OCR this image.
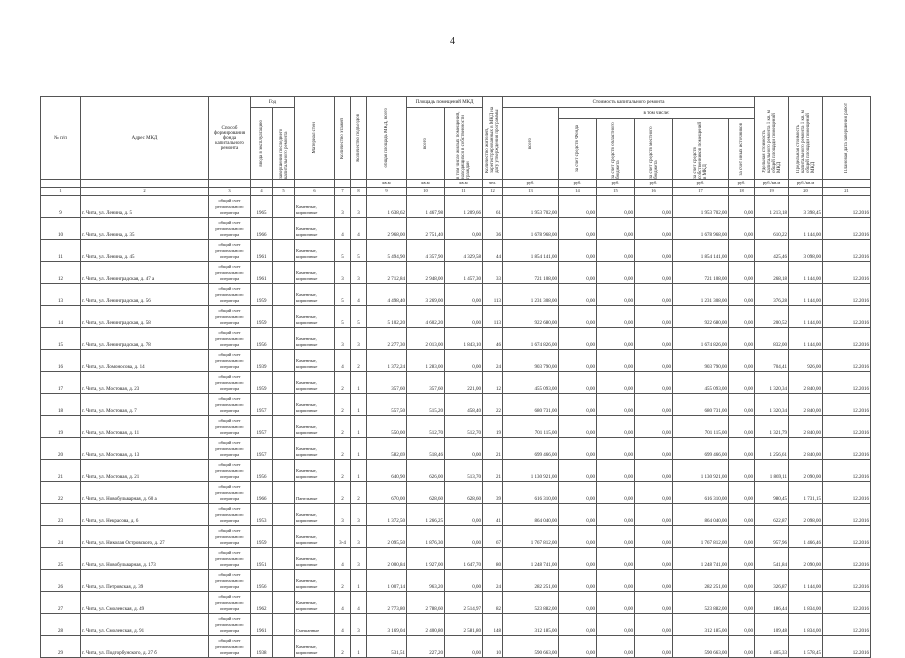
4
№ п/п	Адрес МКД	Способ формирования фонда капитального ремонта	Год		Материал стен	Количество этажей	Количество подъездов	общая площадь МКД, всего	Площадь помещений МКД		Количество жителей, зарегистрированных в МКД на дату утверждения программы	Стоимость капитального ремонта						Удельная стоимость капитального ремонта 1 кв. м общей площади помещений МКД	Предельная стоимость капитального ремонта 1 кв. м общей площади помещений МКД	Плановая дата завершения работ

			ввода в эксплуатацию	завершения последнего капитального ремонта					всего	в том числе жилых помещений, находящихся в собственности граждан		всего	в том числе:							

													за счет средств Фонда	за счет средств областного бюджета	за счет средств местного бюджета	за счет средств собственников помещений в МКД	за счет иных источников			

								кв.м	кв.м	кв.м	чел.	руб.	руб.	руб.	руб.	руб.	руб.	руб./кв.м	руб./кв.м	
1	2	3	4	5	6	7	8	9	10	11	12	13	14	15	16	17	18	19	20	21
9	г. Чита, ул. Ленина, д. 5	общий счет регионального оператора	1965		Каменные, кирпичные	3	3	1 638,62	1 467,98	1 209,66	61	1 953 702,00	0,00	0,00	0,00	1 953 702,00	0,00	1 213,18	3 398,45	12.2016
10	г. Чита, ул. Ленина, д. 35	общий счет регионального оператора	1966		Каменные, кирпичные	4	4	2 968,00	2 751,40	0,00	36	1 678 968,00	0,00	0,00	0,00	1 678 968,00	0,00	610,22	1 144,00	12.2016
11	г. Чита, ул. Ленина, д. 45	общий счет регионального оператора	1961		Каменные, кирпичные	5	5	5 494,90	4 357,90	4 329,58	44	1 854 141,00	0,00	0,00	0,00	1 854 141,00	0,00	425,46	3 098,00	12.2016
12	г. Чита, ул. Ленинградская, д. 47 а	общий счет регионального оператора	1961		Каменные, кирпичные	3	3	2 712,84	2 948,00	1 457,30	33	721 108,00	0,00	0,00	0,00	721 108,00	0,00	268,18	1 144,00	12.2016
13	г. Чита, ул. Ленинградская, д. 56	общий счет регионального оператора	1959		Каменные, кирпичные	5	4	4 498,40	3 269,00	0,00	113	1 231 308,00	0,00	0,00	0,00	1 231 308,00	0,00	376,28	1 144,00	12.2016
14	г. Чита, ул. Ленинградская, д. 58	общий счет регионального оператора	1959		Каменные, кирпичные	5	5	5 102,20	4 602,20	0,00	113	922 680,00	0,00	0,00	0,00	922 680,00	0,00	200,52	1 144,00	12.2016
15	г. Чита, ул. Ленинградская, д. 78	общий счет регионального оператора	1956		Каменные, кирпичные	3	3	2 277,30	2 013,00	1 843,10	46	1 674 826,00	0,00	0,00	0,00	1 674 826,00	0,00	832,00	1 144,00	12.2016
16	г. Чита, ул. Ломоносова, д. 14	общий счет регионального оператора	1939		Каменные, кирпичные	4	2	1 372,24	1 283,00	0,00	24	903 790,00	0,00	0,00	0,00	903 790,00	0,00	704,41	926,00	12.2016
17	г. Чита, ул. Мостовая, д. 23	общий счет регионального оператора	1959		Каменные, кирпичные	2	1	357,60	357,60	221,00	12	455 093,00	0,00	0,00	0,00	455 093,00	0,00	1 320,34	2 840,00	12.2016
18	г. Чита, ул. Мостовая, д. 7	общий счет регионального оператора	1957		Каменные, кирпичные	2	1	557,50	515,20	458,40	22	680 731,00	0,00	0,00	0,00	680 731,00	0,00	1 320,34	2 840,00	12.2016
19	г. Чита, ул. Мостовая, д. 11	общий счет регионального оператора	1957		Каменные, кирпичные	2	1	550,00	512,70	512,70	19	701 115,00	0,00	0,00	0,00	701 115,00	0,00	1 321,79	2 840,00	12.2016
20	г. Чита, ул. Мостовая, д. 13	общий счет регионального оператора	1957		Каменные, кирпичные	2	1	582,69	518,46	0,00	21	699 466,00	0,00	0,00	0,00	699 466,00	0,00	1 256,61	2 840,00	12.2016
21	г. Чита, ул. Мостовая, д. 21	общий счет регионального оператора	1956		Каменные, кирпичные	2	1	640,90	626,00	513,70	21	1 130 921,00	0,00	0,00	0,00	1 130 921,00	0,00	1 869,11	2 090,00	12.2016
22	г. Чита, ул. Новобульварная, д. 60 а	общий счет регионального оператора	1966		Панельные	2	2	670,00	628,60	628,60	39	616 310,00	0,00	0,00	0,00	616 310,00	0,00	980,45	1 731,15	12.2016
23	г. Чита, ул. Некрасова, д. 6	общий счет регионального оператора	1953		Каменные, кирпичные	3	3	1 372,50	1 266,25	0,00	41	864 040,00	0,00	0,00	0,00	864 040,00	0,00	622,87	2 098,00	12.2016
24	г. Чита, ул. Николая Островского, д. 27	общий счет регионального оператора	1959		Каменные, кирпичные	3-4	3	2 095,50	1 876,30	0,00	67	1 767 812,00	0,00	0,00	0,00	1 767 812,00	0,00	957,96	1 466,46	12.2016
25	г. Чита, ул. Новобульварная, д. 173	общий счет регионального оператора	1951		Каменные, кирпичные	4	3	2 000,84	1 927,00	1 647,70	80	1 248 741,00	0,00	0,00	0,00	1 248 741,00	0,00	541,84	2 090,00	12.2016
26	г. Чита, ул. Петровская, д. 39	общий счет регионального оператора	1956		Каменные, кирпичные	2	1	1 007,14	963,20	0,00	24	282 251,00	0,00	0,00	0,00	282 251,00	0,00	326,87	1 144,00	12.2016
27	г. Чита, ул. Смоленская, д. 49	общий счет регионального оператора	1962		Каменные, кирпичные	4	4	2 773,80	2 788,60	2 514,97	82	523 882,00	0,00	0,00	0,00	523 882,00	0,00	186,44	1 834,00	12.2016
28	г. Чита, ул. Смоленская, д. 91	общий счет регионального оператора	1961		Смешанные	4	3	3 169,04	2 400,80	2 581,80	148	312 185,00	0,00	0,00	0,00	312 185,00	0,00	109,48	1 834,00	12.2016
29	г. Чита, ул. Подгорбунского, д. 27 б	общий счет регионального оператора	1938		Каменные, кирпичные	2	1	531,51	227,20	0,00	10	590 663,00	0,00	0,00	0,00	590 663,00	0,00	1 405,33	1 578,45	12.2016
